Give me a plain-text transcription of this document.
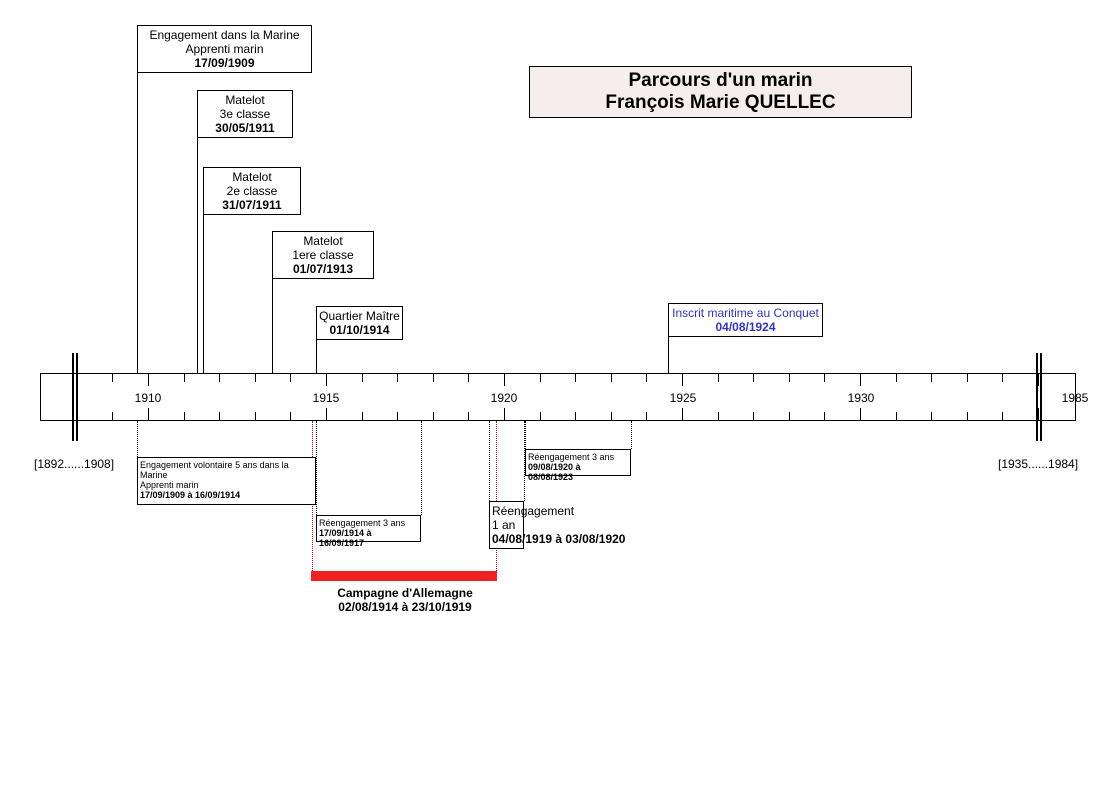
Parcours d'un marin
François Marie QUELLEC
Engagement dans la Marine
Apprenti marin
17/09/1909
Matelot
3e classe
30/05/1911
Matelot
2e classe
31/07/1911
Matelot
1ere classe
01/07/1913
Quartier Maître
01/10/1914
Inscrit maritime au Conquet
04/08/1924
1910	1915	1920	1925	1930	1985
[1892......1908]	[1935......1984]
Engagement volontaire 5 ans dans la Marine
Apprenti marin
17/09/1909 à 16/09/1914
Réengagement 3 ans
17/09/1914 à 16/09/1917
Réengagement
1 an
04/08/1919 à 03/08/1920
Réengagement 3 ans
09/08/1920 à 08/08/1923
Campagne d'Allemagne
02/08/1914 à 23/10/1919
